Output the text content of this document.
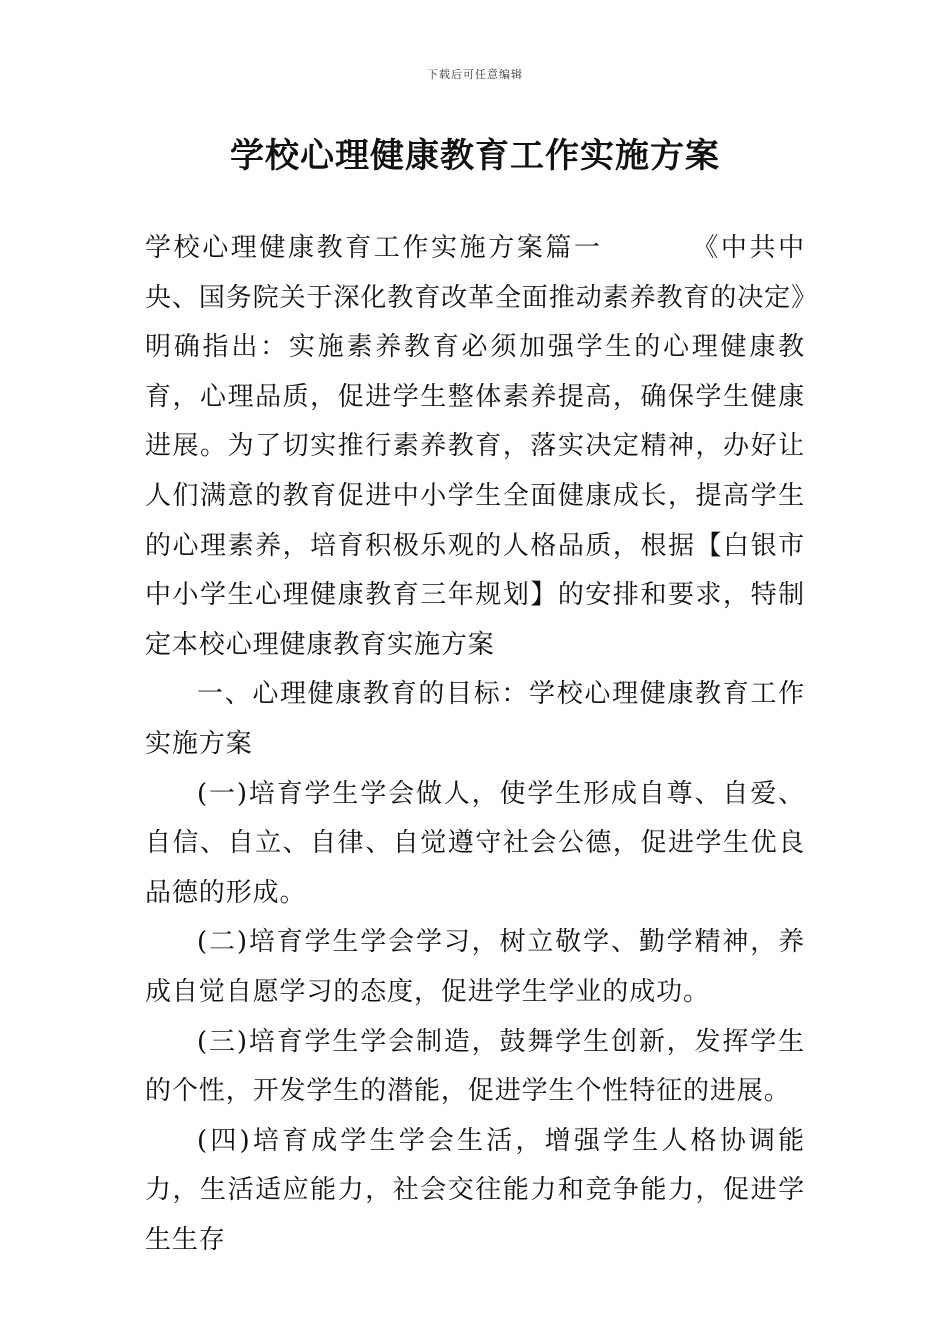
下载后可任意编辑
学校心理健康教育工作实施方案

学校心理健康教育工作实施方案篇一	《中共中央、国务院关于深化教育改革全面推动素养教育的决定》明确指出：实施素养教育必须加强学生的心理健康教育，心理品质，促进学生整体素养提高，确保学生健康进展。为了切实推行素养教育，落实决定精神，办好让人们满意的教育促进中小学生全面健康成长，提高学生的心理素养，培育积极乐观的人格品质，根据【白银市中小学生心理健康教育三年规划】的安排和要求，特制定本校心理健康教育实施方案

一、心理健康教育的目标：学校心理健康教育工作实施方案

(一)培育学生学会做人，使学生形成自尊、自爱、自信、自立、自律、自觉遵守社会公德，促进学生优良品德的形成。

(二)培育学生学会学习，树立敬学、勤学精神，养成自觉自愿学习的态度，促进学生学业的成功。

(三)培育学生学会制造，鼓舞学生创新，发挥学生的个性，开发学生的潜能，促进学生个性特征的进展。

(四)培育成学生学会生活，增强学生人格协调能力，生活适应能力，社会交往能力和竞争能力，促进学生生存
